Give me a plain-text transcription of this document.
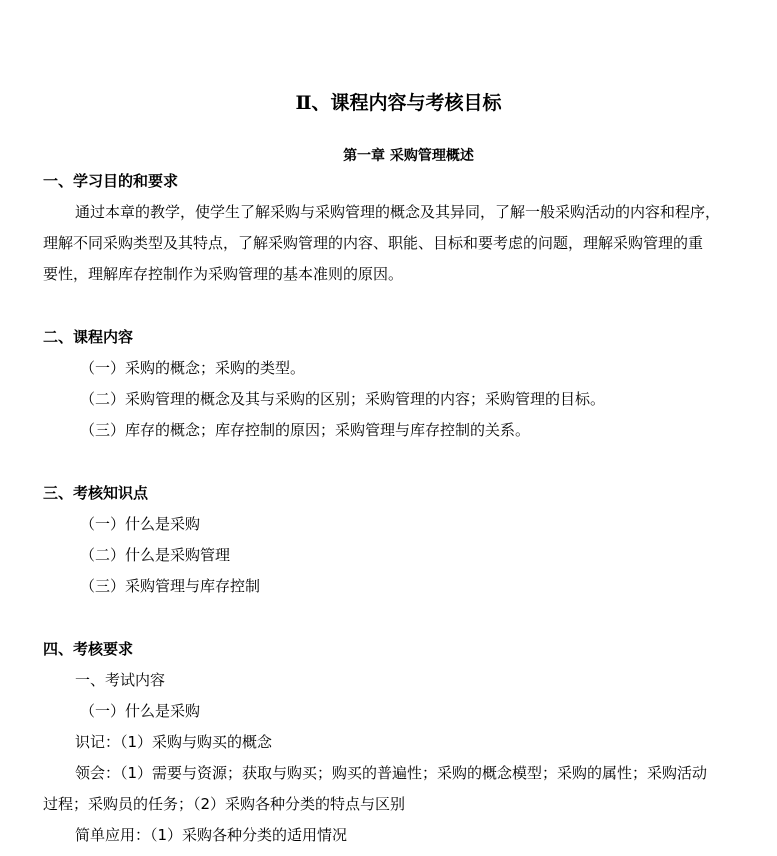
Ⅱ、课程内容与考核目标
第一章 采购管理概述
一、学习目的和要求
通过本章的教学，使学生了解采购与采购管理的概念及其异同，了解一般采购活动的内容和程序，
理解不同采购类型及其特点，了解采购管理的内容、职能、目标和要考虑的问题，理解采购管理的重
要性，理解库存控制作为采购管理的基本准则的原因。
二、课程内容
（一）采购的概念；采购的类型。
（二）采购管理的概念及其与采购的区别；采购管理的内容；采购管理的目标。
（三）库存的概念；库存控制的原因；采购管理与库存控制的关系。
三、考核知识点
（一）什么是采购
（二）什么是采购管理
（三）采购管理与库存控制
四、考核要求
一、考试内容
（一）什么是采购
识记：（1）采购与购买的概念
领会：（1）需要与资源；获取与购买；购买的普遍性；采购的概念模型；采购的属性；采购活动
过程；采购员的任务；（2）采购各种分类的特点与区别
简单应用：（1）采购各种分类的适用情况
